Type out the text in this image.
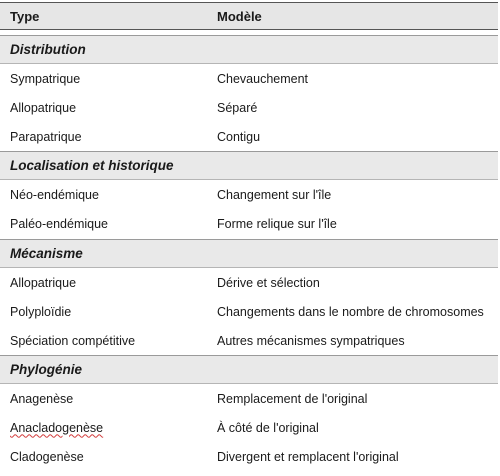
Type	Modèle
Distribution
Sympatrique	Chevauchement
Allopatrique	Séparé
Parapatrique	Contigu
Localisation et historique
Néo-endémique	Changement sur l'île
Paléo-endémique	Forme relique sur l'île
Mécanisme
Allopatrique	Dérive et sélection
Polyploïdie	Changements dans le nombre de chromosomes
Spéciation compétitive	Autres mécanismes sympatriques
Phylogénie
Anagenèse	Remplacement de l'original
Anacladogenèse	À côté de l'original
Cladogenèse	Divergent et remplacent l'original
